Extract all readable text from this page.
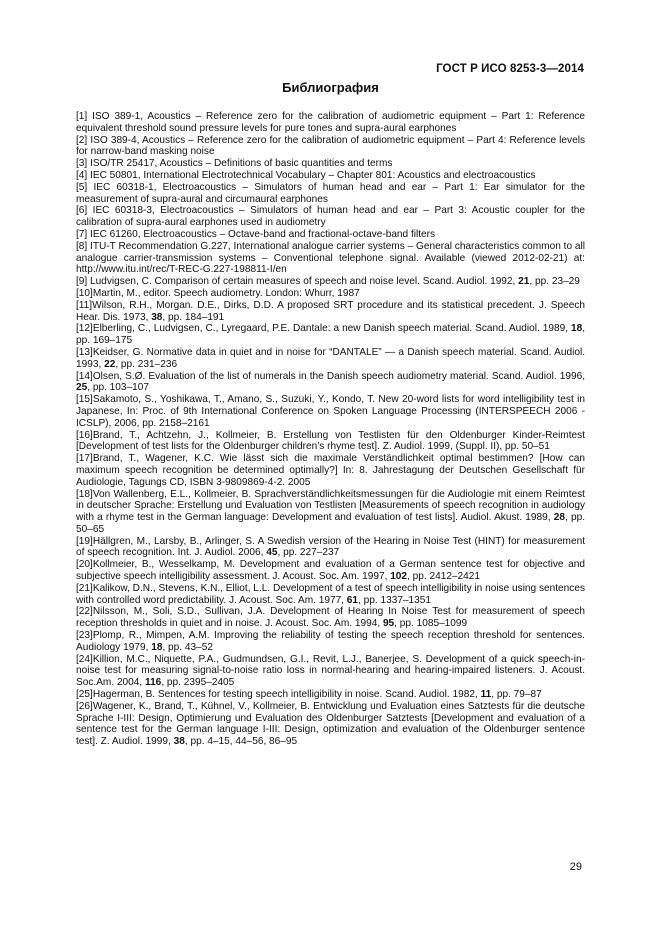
ГОСТ Р ИСО 8253-3—2014
Библиография
[1] ISO 389-1, Acoustics – Reference zero for the calibration of audiometric equipment – Part 1: Reference equivalent threshold sound pressure levels for pure tones and supra-aural earphones
[2] ISO 389-4, Acoustics – Reference zero for the calibration of audiometric equipment – Part 4: Reference levels for narrow-band masking noise
[3] ISO/TR 25417, Acoustics – Definitions of basic quantities and terms
[4] IEC 50801, International Electrotechnical Vocabulary – Chapter 801: Acoustics and electroacoustics
[5] IEC 60318-1, Electroacoustics – Simulators of human head and ear – Part 1: Ear simulator for the measurement of supra-aural and circumaural earphones
[6] IEC 60318-3, Electroacoustics – Simulators of human head and ear – Part 3: Acoustic coupler for the calibration of supra-aural earphones used in audiometry
[7] IEC 61260, Electroacoustics – Octave-band and fractional-octave-band filters
[8] ITU-T Recommendation G.227, International analogue carrier systems – General characteristics common to all analogue carrier-transmission systems – Conventional telephone signal. Available (viewed 2012-02-21) at: http://www.itu.int/rec/T-REC-G.227-198811-I/en
[9] Ludvigsen, C. Comparison of certain measures of speech and noise level. Scand. Audiol. 1992, 21, pp. 23–29
[10]Martin, M., editor. Speech audiometry. London: Whurr, 1987
[11]Wilson, R.H., Morgan. D.E., Dirks, D.D. A proposed SRT procedure and its statistical precedent. J. Speech Hear. Dis. 1973, 38, pp. 184–191
[12]Elberling, C., Ludvigsen, C., Lyregaard, P.E. Dantale: a new Danish speech material. Scand. Audiol. 1989, 18, pp. 169–175
[13]Keidser, G. Normative data in quiet and in noise for “DANTALE” — a Danish speech material. Scand. Audiol. 1993, 22, pp. 231–236
[14]Olsen, S.Ø. Evaluation of the list of numerals in the Danish speech audiometry material. Scand. Audiol. 1996, 25, pp. 103–107
[15]Sakamoto, S., Yoshikawa, T., Amano, S., Suzuki, Y., Kondo, T. New 20-word lists for word intelligibility test in Japanese, In: Proc. of 9th International Conference on Spoken Language Processing (INTERSPEECH 2006 - ICSLP), 2006, pp. 2158–2161
[16]Brand, T., Achtzehn, J., Kollmeier, B. Erstellung von Testlisten für den Oldenburger Kinder-Reimtest [Development of test lists for the Oldenburger children’s rhyme test]. Z. Audiol. 1999, (Suppl. II), pp. 50–51
[17]Brand, T., Wagener, K.C. Wie lässt sich die maximale Verständlichkeit optimal bestimmen? [How can maximum speech recognition be determined optimally?] In: 8. Jahrestagung der Deutschen Gesellschaft für Audiologie, Tagungs CD, ISBN 3-9809869-4-2. 2005
[18]Von Wallenberg, E.L., Kollmeier, B. Sprachverständlichkeitsmessungen für die Audiologie mit einem Reimtest in deutscher Sprache: Erstellung und Evaluation von Testlisten [Measurements of speech recognition in audiology with a rhyme test in the German language: Development and evaluation of test lists]. Audiol. Akust. 1989, 28, pp. 50–65
[19]Hällgren, M., Larsby, B., Arlinger, S. A Swedish version of the Hearing in Noise Test (HINT) for measurement of speech recognition. Int. J. Audiol. 2006, 45, pp. 227–237
[20]Kollmeier, B., Wesselkamp, M. Development and evaluation of a German sentence test for objective and subjective speech intelligibility assessment. J. Acoust. Soc. Am. 1997, 102, pp. 2412–2421
[21]Kalikow, D.N., Stevens, K.N., Elliot, L.L. Development of a test of speech intelligibility in noise using sentences with controlled word predictability. J. Acoust. Soc. Am. 1977, 61, pp. 1337–1351
[22]Nilsson, M., Soli, S.D., Sullivan, J.A. Development of Hearing In Noise Test for measurement of speech reception thresholds in quiet and in noise. J. Acoust. Soc. Am. 1994, 95, pp. 1085–1099
[23]Plomp, R., Mimpen, A.M. Improving the reliability of testing the speech reception threshold for sentences. Audiology 1979, 18, pp. 43–52
[24]Killion, M.C., Niquette, P.A., Gudmundsen, G.I., Revit, L.J., Banerjee, S. Development of a quick speech-in-noise test for measuring signal-to-noise ratio loss in normal-hearing and hearing-impaired listeners. J. Acoust. Soc.Am. 2004, 116, pp. 2395–2405
[25]Hagerman, B. Sentences for testing speech intelligibility in noise. Scand. Audiol. 1982, 11, pp. 79–87
[26]Wagener, K., Brand, T., Kühnel, V., Kollmeier, B. Entwicklung und Evaluation eines Satztests für die deutsche Sprache I-III: Design, Optimierung und Evaluation des Oldenburger Satztests [Development and evaluation of a sentence test for the German language I-III: Design, optimization and evaluation of the Oldenburger sentence test]. Z. Audiol. 1999, 38, pp. 4–15, 44–56, 86–95
29
